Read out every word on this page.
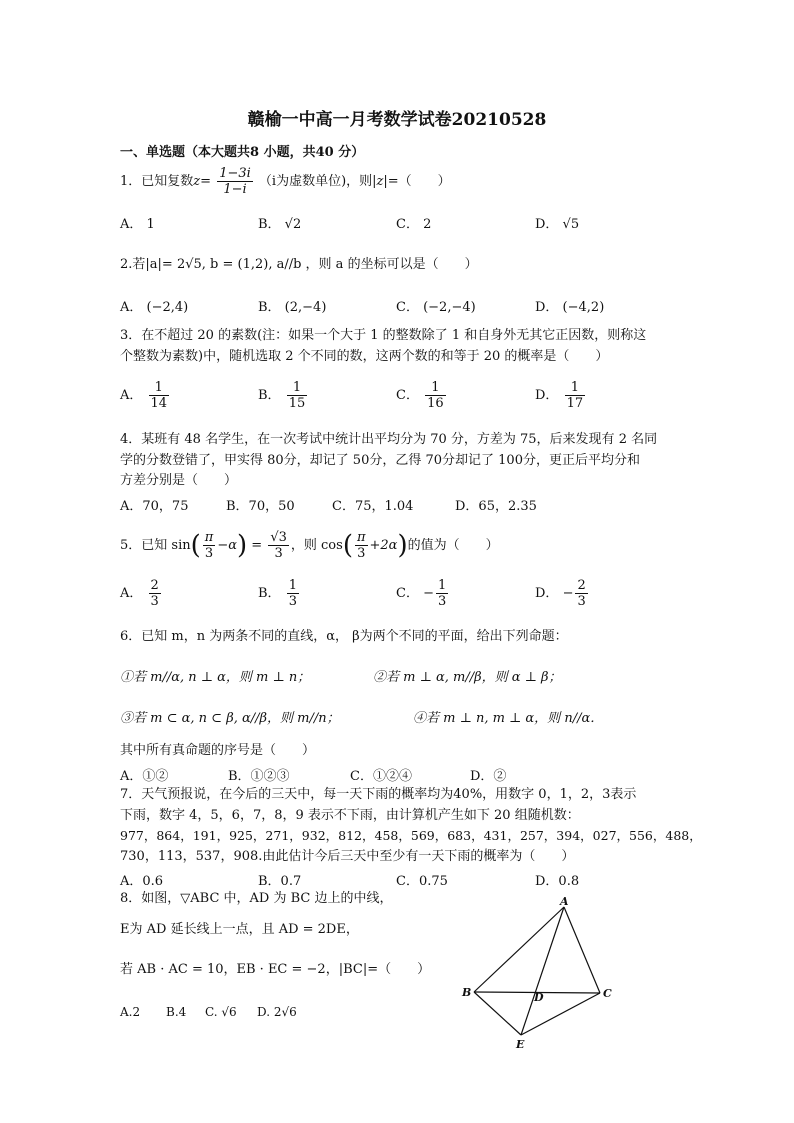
赣榆一中高一月考数学试卷20210528
一、单选题（本大题共8 小题，共40 分）
1．已知复数$z= \frac{1-3i}{1-i} (i$为虚数单位)，则|z|=（　　）
A． 1	B． √2	C． 2	D． √5
2.若|a|= 2√5, b = (1,2), a//b ，则 a 的坐标可以是（　　）
A． (−2,4)	B． (2,−4)	C． (−2,−4)	D． (−4,2)
3．在不超过 20 的素数(注：如果一个大于 1 的整数除了 1 和自身外无其它正因数，则称这
个整数为素数)中，随机选取 2 个不同的数，这两个数的和等于 20 的概率是（　　）
A． $\frac{1}{14}$	B． $\frac{1}{15}$	C． $\frac{1}{16}$	D． $\frac{1}{17}$
4．某班有 48 名学生，在一次考试中统计出平均分为 70 分，方差为 75，后来发现有 2 名同
学的分数登错了，甲实得 80分，却记了 50分，乙得 70分却记了 100分，更正后平均分和
方差分别是（　　）
A．70，75	B．70，50	C．75，1.04	D．65，2.35
5．已知 $\sin( \frac{\pi}{3} -\alpha) = \frac{√3}{3}$ ，则 $\cos( \frac{\pi}{3} +2\alpha)$的值为（　　）
A． $\frac{2}{3}$	B． $\frac{1}{3}$	C． − $\frac{1}{3}$	D． − $\frac{2}{3}$
6．已知 m，n 为两条不同的直线，α， β为两个不同的平面，给出下列命题：
①若 m//α, n ⊥ α，则 m ⊥ n；	②若 m ⊥ α, m//β，则 α ⊥ β；
③若 m ⊂ α, n ⊂ β, α//β，则 m//n；	④若 m ⊥ n, m ⊥ α，则 n//α．
其中所有真命题的序号是（　　）
A．①②	B．①②③	C．①②④	D．②
7．天气预报说，在今后的三天中，每一天下雨的概率均为40%，用数字 0，1，2，3表示
下雨，数字 4，5，6，7，8，9 表示不下雨，由计算机产生如下 20 组随机数：
977，864，191，925，271，932，812，458，569，683，431，257，394，027，556，488，
730，113，537，908.由此估计今后三天中至少有一天下雨的概率为（　　）
A．0.6	B．0.7	C．0.75	D．0.8
8．如图，▽ABC 中，AD 为 BC 边上的中线，
E为 AD 延长线上一点，且 AD = 2DE，
若 AB · AC = 10，EB · EC = −2，|BC|=（　　）
A.2 B.4 C. √6 D. 2√6
A
B	C
D
E
